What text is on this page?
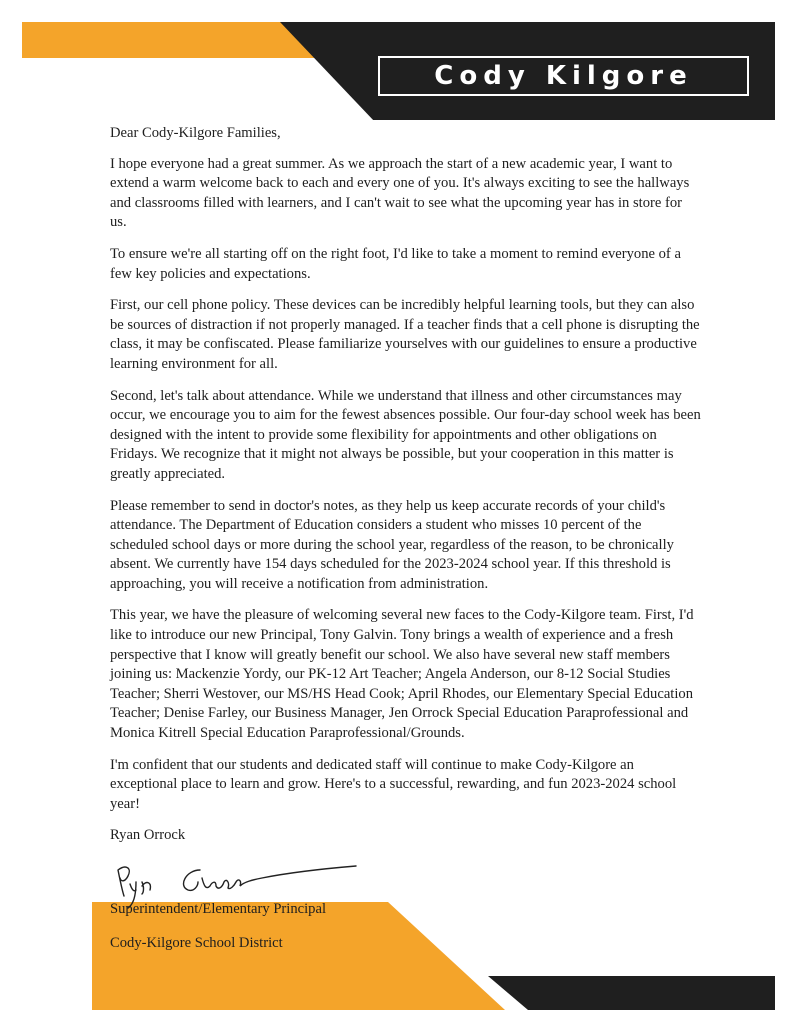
Cody Kilgore

Dear Cody-Kilgore Families,

I hope everyone had a great summer. As we approach the start of a new academic year, I want to extend a warm welcome back to each and every one of you. It's always exciting to see the hallways and classrooms filled with learners, and I can't wait to see what the upcoming year has in store for us.

To ensure we're all starting off on the right foot, I'd like to take a moment to remind everyone of a few key policies and expectations.

First, our cell phone policy. These devices can be incredibly helpful learning tools, but they can also be sources of distraction if not properly managed. If a teacher finds that a cell phone is disrupting the class, it may be confiscated. Please familiarize yourselves with our guidelines to ensure a productive learning environment for all.

Second, let's talk about attendance. While we understand that illness and other circumstances may occur, we encourage you to aim for the fewest absences possible. Our four-day school week has been designed with the intent to provide some flexibility for appointments and other obligations on Fridays. We recognize that it might not always be possible, but your cooperation in this matter is greatly appreciated.

Please remember to send in doctor's notes, as they help us keep accurate records of your child's attendance. The Department of Education considers a student who misses 10 percent of the scheduled school days or more during the school year, regardless of the reason, to be chronically absent. We currently have 154 days scheduled for the 2023-2024 school year. If this threshold is approaching, you will receive a notification from administration.

This year, we have the pleasure of welcoming several new faces to the Cody-Kilgore team. First, I'd like to introduce our new Principal, Tony Galvin. Tony brings a wealth of experience and a fresh perspective that I know will greatly benefit our school. We also have several new staff members joining us: Mackenzie Yordy, our PK-12 Art Teacher; Angela Anderson, our 8-12 Social Studies Teacher; Sherri Westover, our MS/HS Head Cook; April Rhodes, our Elementary Special Education Teacher; Denise Farley, our Business Manager, Jen Orrock Special Education Paraprofessional and Monica Kitrell Special Education Paraprofessional/Grounds.

I'm confident that our students and dedicated staff will continue to make Cody-Kilgore an exceptional place to learn and grow. Here's to a successful, rewarding, and fun 2023-2024 school year!

Ryan Orrock

Superintendent/Elementary Principal
Cody-Kilgore School District
